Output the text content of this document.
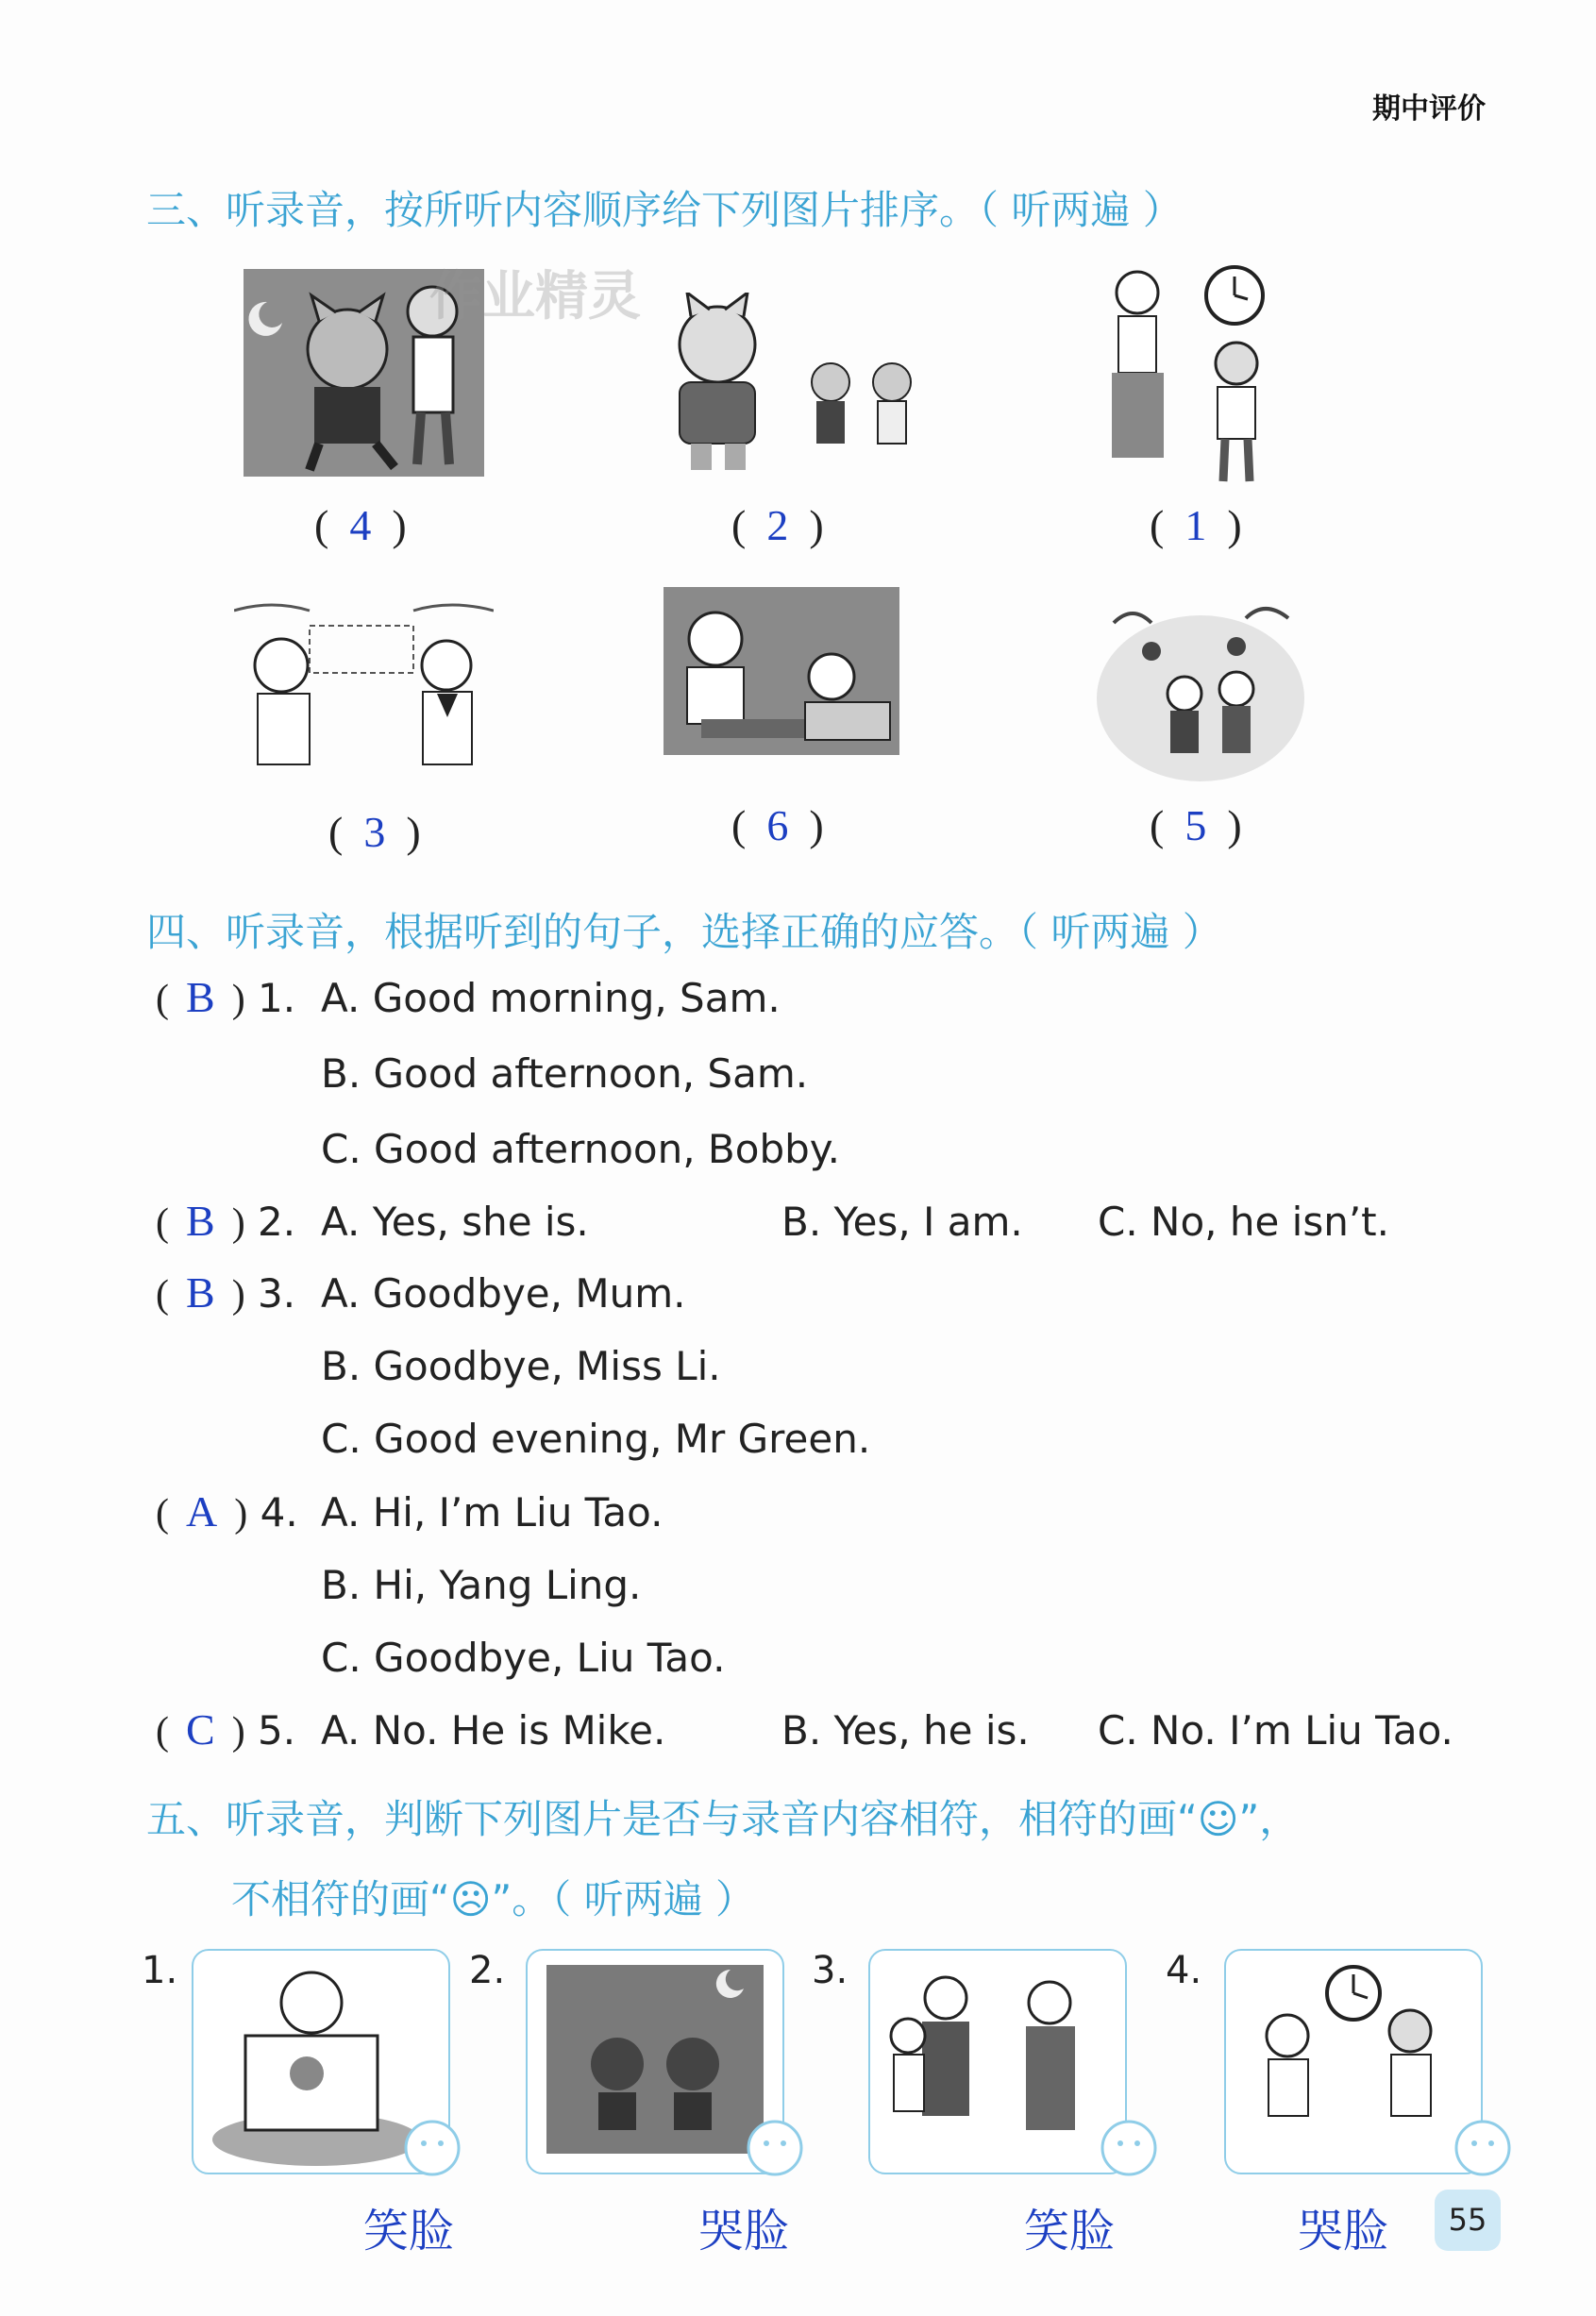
期中评价
三、听录音，按所听内容顺序给下列图片排序。（ 听两遍 ）
( 4 )	( 2 )	( 1 )
( 3 )	( 6 )	( 5 )
作业精灵
四、听录音，根据听到的句子，选择正确的应答。（ 听两遍 ）
( B ) 1. A. Good morning, Sam.
B. Good afternoon, Sam.
C. Good afternoon, Bobby.
( B ) 2. A. Yes, she is.	B. Yes, I am. C. No, he isn’t.
( B ) 3. A. Goodbye, Mum.
B. Goodbye, Miss Li.
C. Good evening, Mr Green.
( A ) 4. A. Hi, I’m Liu Tao.
B. Hi, Yang Ling.
C. Goodbye, Liu Tao.
( C ) 5. A. No. He is Mike.	B. Yes, he is. C. No. I’m Liu Tao.
五、听录音，判断下列图片是否与录音内容相符，相符的画“☺”，
不相符的画“☹”。（ 听两遍 ）
1.
笑脸
2.
哭脸
3.
笑脸
4.
哭脸	55
